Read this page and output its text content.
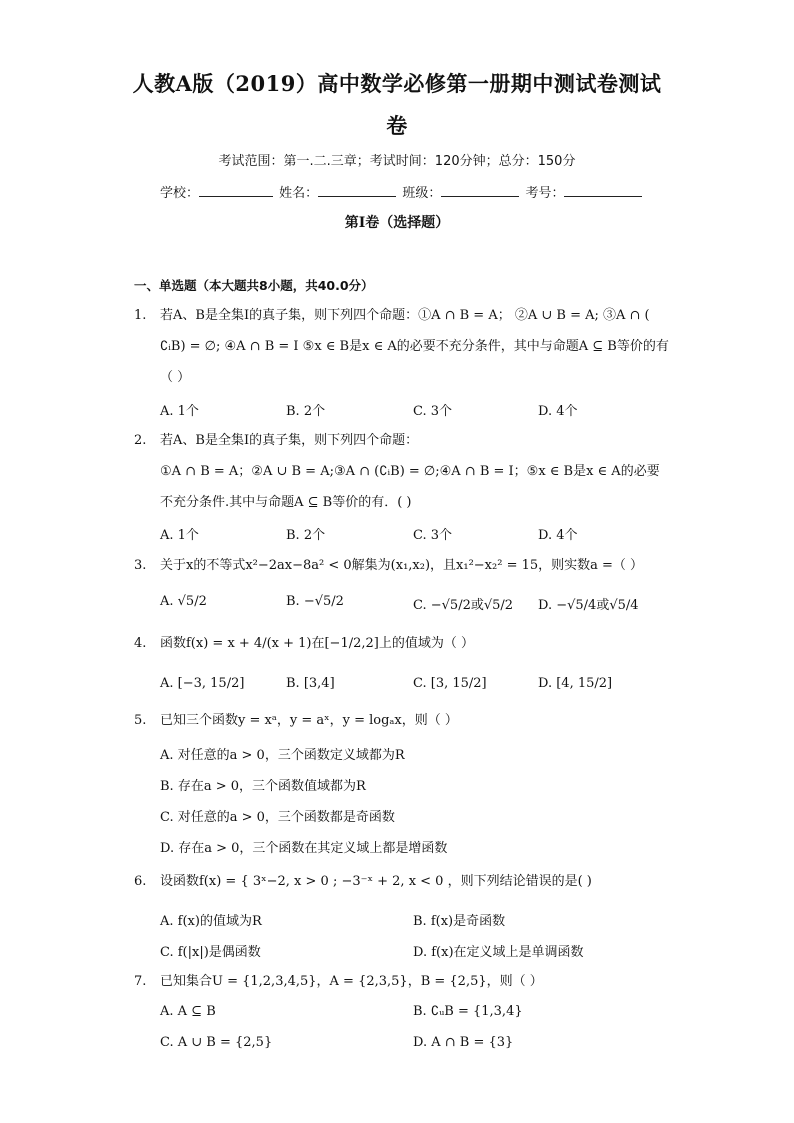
人教A版（2019）高中数学必修第一册期中测试卷测试
卷
考试范围：第一.二.三章；考试时间：120分钟；总分：150分
学校：	姓名：	班级：	考号：
第I卷（选择题）
一、单选题（本大题共8小题，共40.0分）
1. 若A、B是全集I的真子集，则下列四个命题：①A ∩ B = A； ②A ∪ B = A; ③A ∩ (
∁ᵢB) = ∅; ④A ∩ B = I ⑤x ∈ B是x ∈ A的必要不充分条件，其中与命题A ⊆ B等价的有
（ ）
A. 1个	B. 2个	C. 3个	D. 4个
2. 若A、B是全集I的真子集，则下列四个命题：
①A ∩ B = A；②A ∪ B = A;③A ∩ (∁ᵢB) = ∅;④A ∩ B = I；⑤x ∈ B是x ∈ A的必要
不充分条件.其中与命题A ⊆ B等价的有．( )
A. 1个	B. 2个	C. 3个	D. 4个
3. 关于x的不等式x²−2ax−8a² < 0解集为(x₁,x₂)，且x₁²−x₂² = 15，则实数a =（ ）
A. √5/2	B. −√5/2	C. −√5/2或√5/2 D. −√5/4或√5/4
4. 函数f(x) = x + 4/(x + 1)在[−1/2,2]上的值域为（ ）
A. [−3, 15/2]	B. [3,4]	C. [3, 15/2]	D. [4, 15/2]
5. 已知三个函数y = xᵃ，y = aˣ，y = logₐx，则（ ）
A. 对任意的a > 0，三个函数定义域都为R
B. 存在a > 0，三个函数值域都为R
C. 对任意的a > 0，三个函数都是奇函数
D. 存在a > 0，三个函数在其定义域上都是增函数
6. 设函数f(x) = { 3ˣ−2, x > 0 ; −3⁻ˣ + 2, x < 0 ，则下列结论错误的是( )
A. f(x)的值域为R	B. f(x)是奇函数
C. f(|x|)是偶函数	D. f(x)在定义域上是单调函数
7. 已知集合U = {1,2,3,4,5}，A = {2,3,5}，B = {2,5}，则（ ）
A. A ⊆ B	B. ∁ᵤB = {1,3,4}
C. A ∪ B = {2,5}	D. A ∩ B = {3}
